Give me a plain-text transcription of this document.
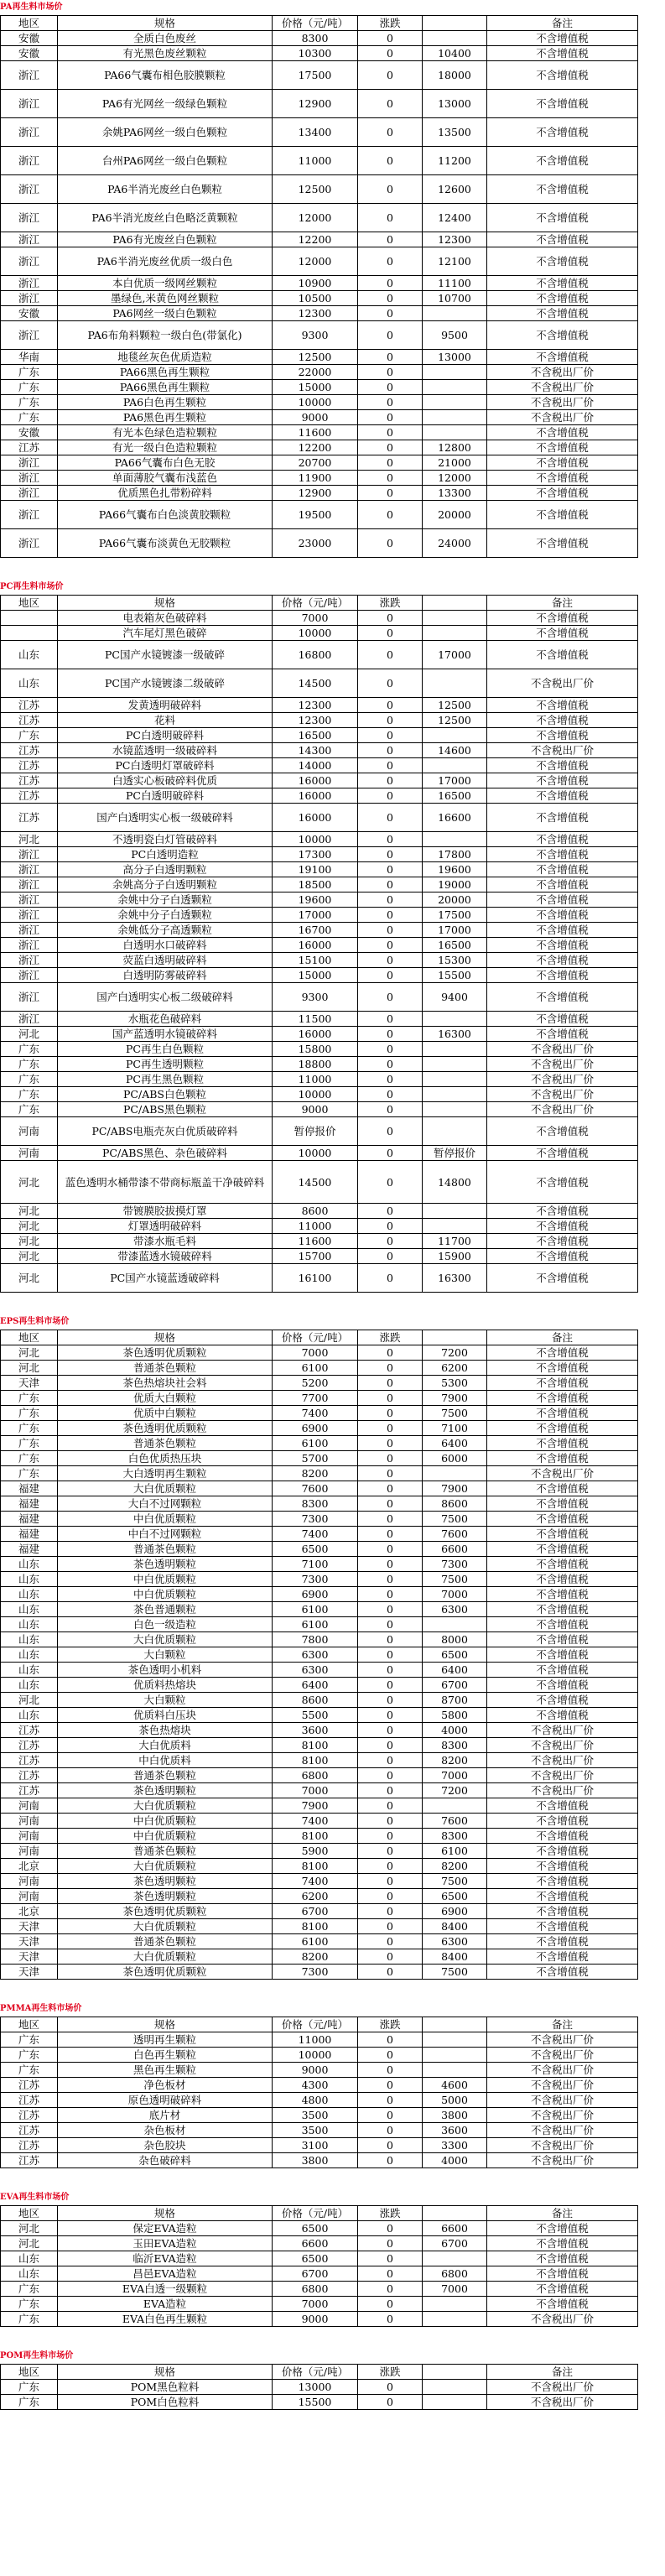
PA再生料市场价
地区	规格	价格（元/吨）	涨跌		备注
安徽	全质白色废丝	8300	0		不含增值税
安徽	有光黑色废丝颗粒	10300	0	10400	不含增值税
浙江	PA66气囊布相色胶膜颗粒	17500	0	18000	不含增值税
浙江	PA6有光网丝一级绿色颗粒	12900	0	13000	不含增值税
浙江	余姚PA6网丝一级白色颗粒	13400	0	13500	不含增值税
浙江	台州PA6网丝一级白色颗粒	11000	0	11200	不含增值税
浙江	PA6半消光废丝白色颗粒	12500	0	12600	不含增值税
浙江	PA6半消光废丝白色略泛黄颗粒	12000	0	12400	不含增值税
浙江	PA6有光废丝白色颗粒	12200	0	12300	不含增值税
浙江	PA6半消光废丝优质一级白色	12000	0	12100	不含增值税
浙江	本白优质一级网丝颗粒	10900	0	11100	不含增值税
浙江	墨绿色,米黄色网丝颗粒	10500	0	10700	不含增值税
安徽	PA6网丝一级白色颗粒	12300	0		不含增值税
浙江	PA6布角料颗粒一级白色(带氯化)	9300	0	9500	不含增值税
华南	地毯丝灰色优质造粒	12500	0	13000	不含增值税
广东	PA66黑色再生颗粒	22000	0		不含税出厂价
广东	PA66黑色再生颗粒	15000	0		不含税出厂价
广东	PA6白色再生颗粒	10000	0		不含税出厂价
广东	PA6黑色再生颗粒	9000	0		不含税出厂价
安徽	有光本色绿色造粒颗粒	11600	0		不含增值税
江苏	有光一级白色造粒颗粒	12200	0	12800	不含增值税
浙江	PA66气囊布白色无胶	20700	0	21000	不含增值税
浙江	单面薄胶气囊布浅蓝色	11900	0	12000	不含增值税
浙江	优质黑色扎带粉碎料	12900	0	13300	不含增值税
浙江	PA66气囊布白色淡黄胶颗粒	19500	0	20000	不含增值税
浙江	PA66气囊布淡黄色无胶颗粒	23000	0	24000	不含增值税
PC再生料市场价
地区	规格	价格（元/吨）	涨跌		备注
	电表箱灰色破碎料	7000	0		不含增值税
	汽车尾灯黑色破碎	10000	0		不含增值税
山东	PC国产水镜镀漆一级破碎	16800	0	17000	不含增值税
山东	PC国产水镜镀漆二级破碎	14500	0		不含税出厂价
江苏	发黄透明破碎料	12300	0	12500	不含增值税
江苏	花料	12300	0	12500	不含增值税
广东	PC白透明破碎料	16500	0		不含增值税
江苏	水镜蓝透明一级破碎料	14300	0	14600	不含税出厂价
江苏	PC白透明灯罩破碎料	14000	0		不含增值税
江苏	白透实心板破碎料优质	16000	0	17000	不含增值税
江苏	PC白透明破碎料	16000	0	16500	不含增值税
江苏	国产白透明实心板一级破碎料	16000	0	16600	不含增值税
河北	不透明瓷白灯管破碎料	10000	0		不含增值税
浙江	PC白透明造粒	17300	0	17800	不含增值税
浙江	高分子白透明颗粒	19100	0	19600	不含增值税
浙江	余姚高分子白透明颗粒	18500	0	19000	不含增值税
浙江	余姚中分子白透颗粒	19600	0	20000	不含增值税
浙江	余姚中分子白透颗粒	17000	0	17500	不含增值税
浙江	余姚低分子高透颗粒	16700	0	17000	不含增值税
浙江	白透明水口破碎料	16000	0	16500	不含增值税
浙江	荧蓝白透明破碎料	15100	0	15300	不含增值税
浙江	白透明防雾破碎料	15000	0	15500	不含增值税
浙江	国产白透明实心板二级破碎料	9300	0	9400	不含增值税
浙江	水瓶花色破碎料	11500	0		不含增值税
河北	国产蓝透明水镜破碎料	16000	0	16300	不含增值税
广东	PC再生白色颗粒	15800	0		不含税出厂价
广东	PC再生透明颗粒	18800	0		不含税出厂价
广东	PC再生黑色颗粒	11000	0		不含税出厂价
广东	PC/ABS白色颗粒	10000	0		不含税出厂价
广东	PC/ABS黑色颗粒	9000	0		不含税出厂价
河南	PC/ABS电瓶壳灰白优质破碎料	暂停报价	0		不含增值税
河南	PC/ABS黑色、杂色破碎料	10000	0	暂停报价	不含增值税
河北	蓝色透明水桶带漆不带商标瓶盖干净破碎料	14500	0	14800	不含增值税
河北	带镀膜胶拔摸灯罩	8600	0		不含增值税
河北	灯罩透明破碎料	11000	0		不含增值税
河北	带漆水瓶毛料	11600	0	11700	不含增值税
河北	带漆蓝透水镜破碎料	15700	0	15900	不含增值税
河北	PC国产水镜蓝透破碎料	16100	0	16300	不含增值税
EPS再生料市场价
地区	规格	价格（元/吨）	涨跌		备注
河北	茶色透明优质颗粒	7000	0	7200	不含增值税
河北	普通茶色颗粒	6100	0	6200	不含增值税
天津	茶色热熔块社会料	5200	0	5300	不含增值税
广东	优质大白颗粒	7700	0	7900	不含增值税
广东	优质中白颗粒	7400	0	7500	不含增值税
广东	茶色透明优质颗粒	6900	0	7100	不含增值税
广东	普通茶色颗粒	6100	0	6400	不含增值税
广东	白色优质热压块	5700	0	6000	不含增值税
广东	大白透明再生颗粒	8200	0		不含税出厂价
福建	大白优质颗粒	7600	0	7900	不含增值税
福建	大白不过网颗粒	8300	0	8600	不含增值税
福建	中白优质颗粒	7300	0	7500	不含增值税
福建	中白不过网颗粒	7400	0	7600	不含增值税
福建	普通茶色颗粒	6500	0	6600	不含增值税
山东	茶色透明颗粒	7100	0	7300	不含增值税
山东	中白优质颗粒	7300	0	7500	不含增值税
山东	中白优质颗粒	6900	0	7000	不含增值税
山东	茶色普通颗粒	6100	0	6300	不含增值税
山东	白色一级造粒	6100	0		不含增值税
山东	大白优质颗粒	7800	0	8000	不含增值税
山东	大白颗粒	6300	0	6500	不含增值税
山东	茶色透明小机料	6300	0	6400	不含增值税
山东	优质料热熔块	6400	0	6700	不含增值税
河北	大白颗粒	8600	0	8700	不含增值税
山东	优质料白压块	5500	0	5800	不含增值税
江苏	茶色热熔块	3600	0	4000	不含税出厂价
江苏	大白优质料	8100	0	8300	不含税出厂价
江苏	中白优质料	8100	0	8200	不含税出厂价
江苏	普通茶色颗粒	6800	0	7000	不含税出厂价
江苏	茶色透明颗粒	7000	0	7200	不含税出厂价
河南	大白优质颗粒	7900	0		不含增值税
河南	中白优质颗粒	7400	0	7600	不含增值税
河南	中白优质颗粒	8100	0	8300	不含增值税
河南	普通茶色颗粒	5900	0	6100	不含增值税
北京	大白优质颗粒	8100	0	8200	不含增值税
河南	茶色透明颗粒	7400	0	7500	不含增值税
河南	茶色透明颗粒	6200	0	6500	不含增值税
北京	茶色透明优质颗粒	6700	0	6900	不含增值税
天津	大白优质颗粒	8100	0	8400	不含增值税
天津	普通茶色颗粒	6100	0	6300	不含增值税
天津	大白优质颗粒	8200	0	8400	不含增值税
天津	茶色透明优质颗粒	7300	0	7500	不含增值税
PMMA再生料市场价
地区	规格	价格（元/吨）	涨跌		备注
广东	透明再生颗粒	11000	0		不含税出厂价
广东	白色再生颗粒	10000	0		不含税出厂价
广东	黑色再生颗粒	9000	0		不含税出厂价
江苏	净色板材	4300	0	4600	不含税出厂价
江苏	原色透明破碎料	4800	0	5000	不含税出厂价
江苏	底片材	3500	0	3800	不含税出厂价
江苏	杂色板材	3500	0	3600	不含税出厂价
江苏	杂色胶块	3100	0	3300	不含税出厂价
江苏	杂色破碎料	3800	0	4000	不含税出厂价
EVA再生料市场价
地区	规格	价格（元/吨）	涨跌		备注
河北	保定EVA造粒	6500	0	6600	不含增值税
河北	玉田EVA造粒	6600	0	6700	不含增值税
山东	临沂EVA造粒	6500	0		不含增值税
山东	昌邑EVA造粒	6700	0	6800	不含增值税
广东	EVA白透一级颗粒	6800	0	7000	不含增值税
广东	EVA造粒	7000	0		不含增值税
广东	EVA白色再生颗粒	9000	0		不含税出厂价
POM再生料市场价
地区	规格	价格（元/吨）	涨跌		备注
广东	POM黑色粒料	13000	0		不含税出厂价
广东	POM白色粒料	15500	0		不含税出厂价
